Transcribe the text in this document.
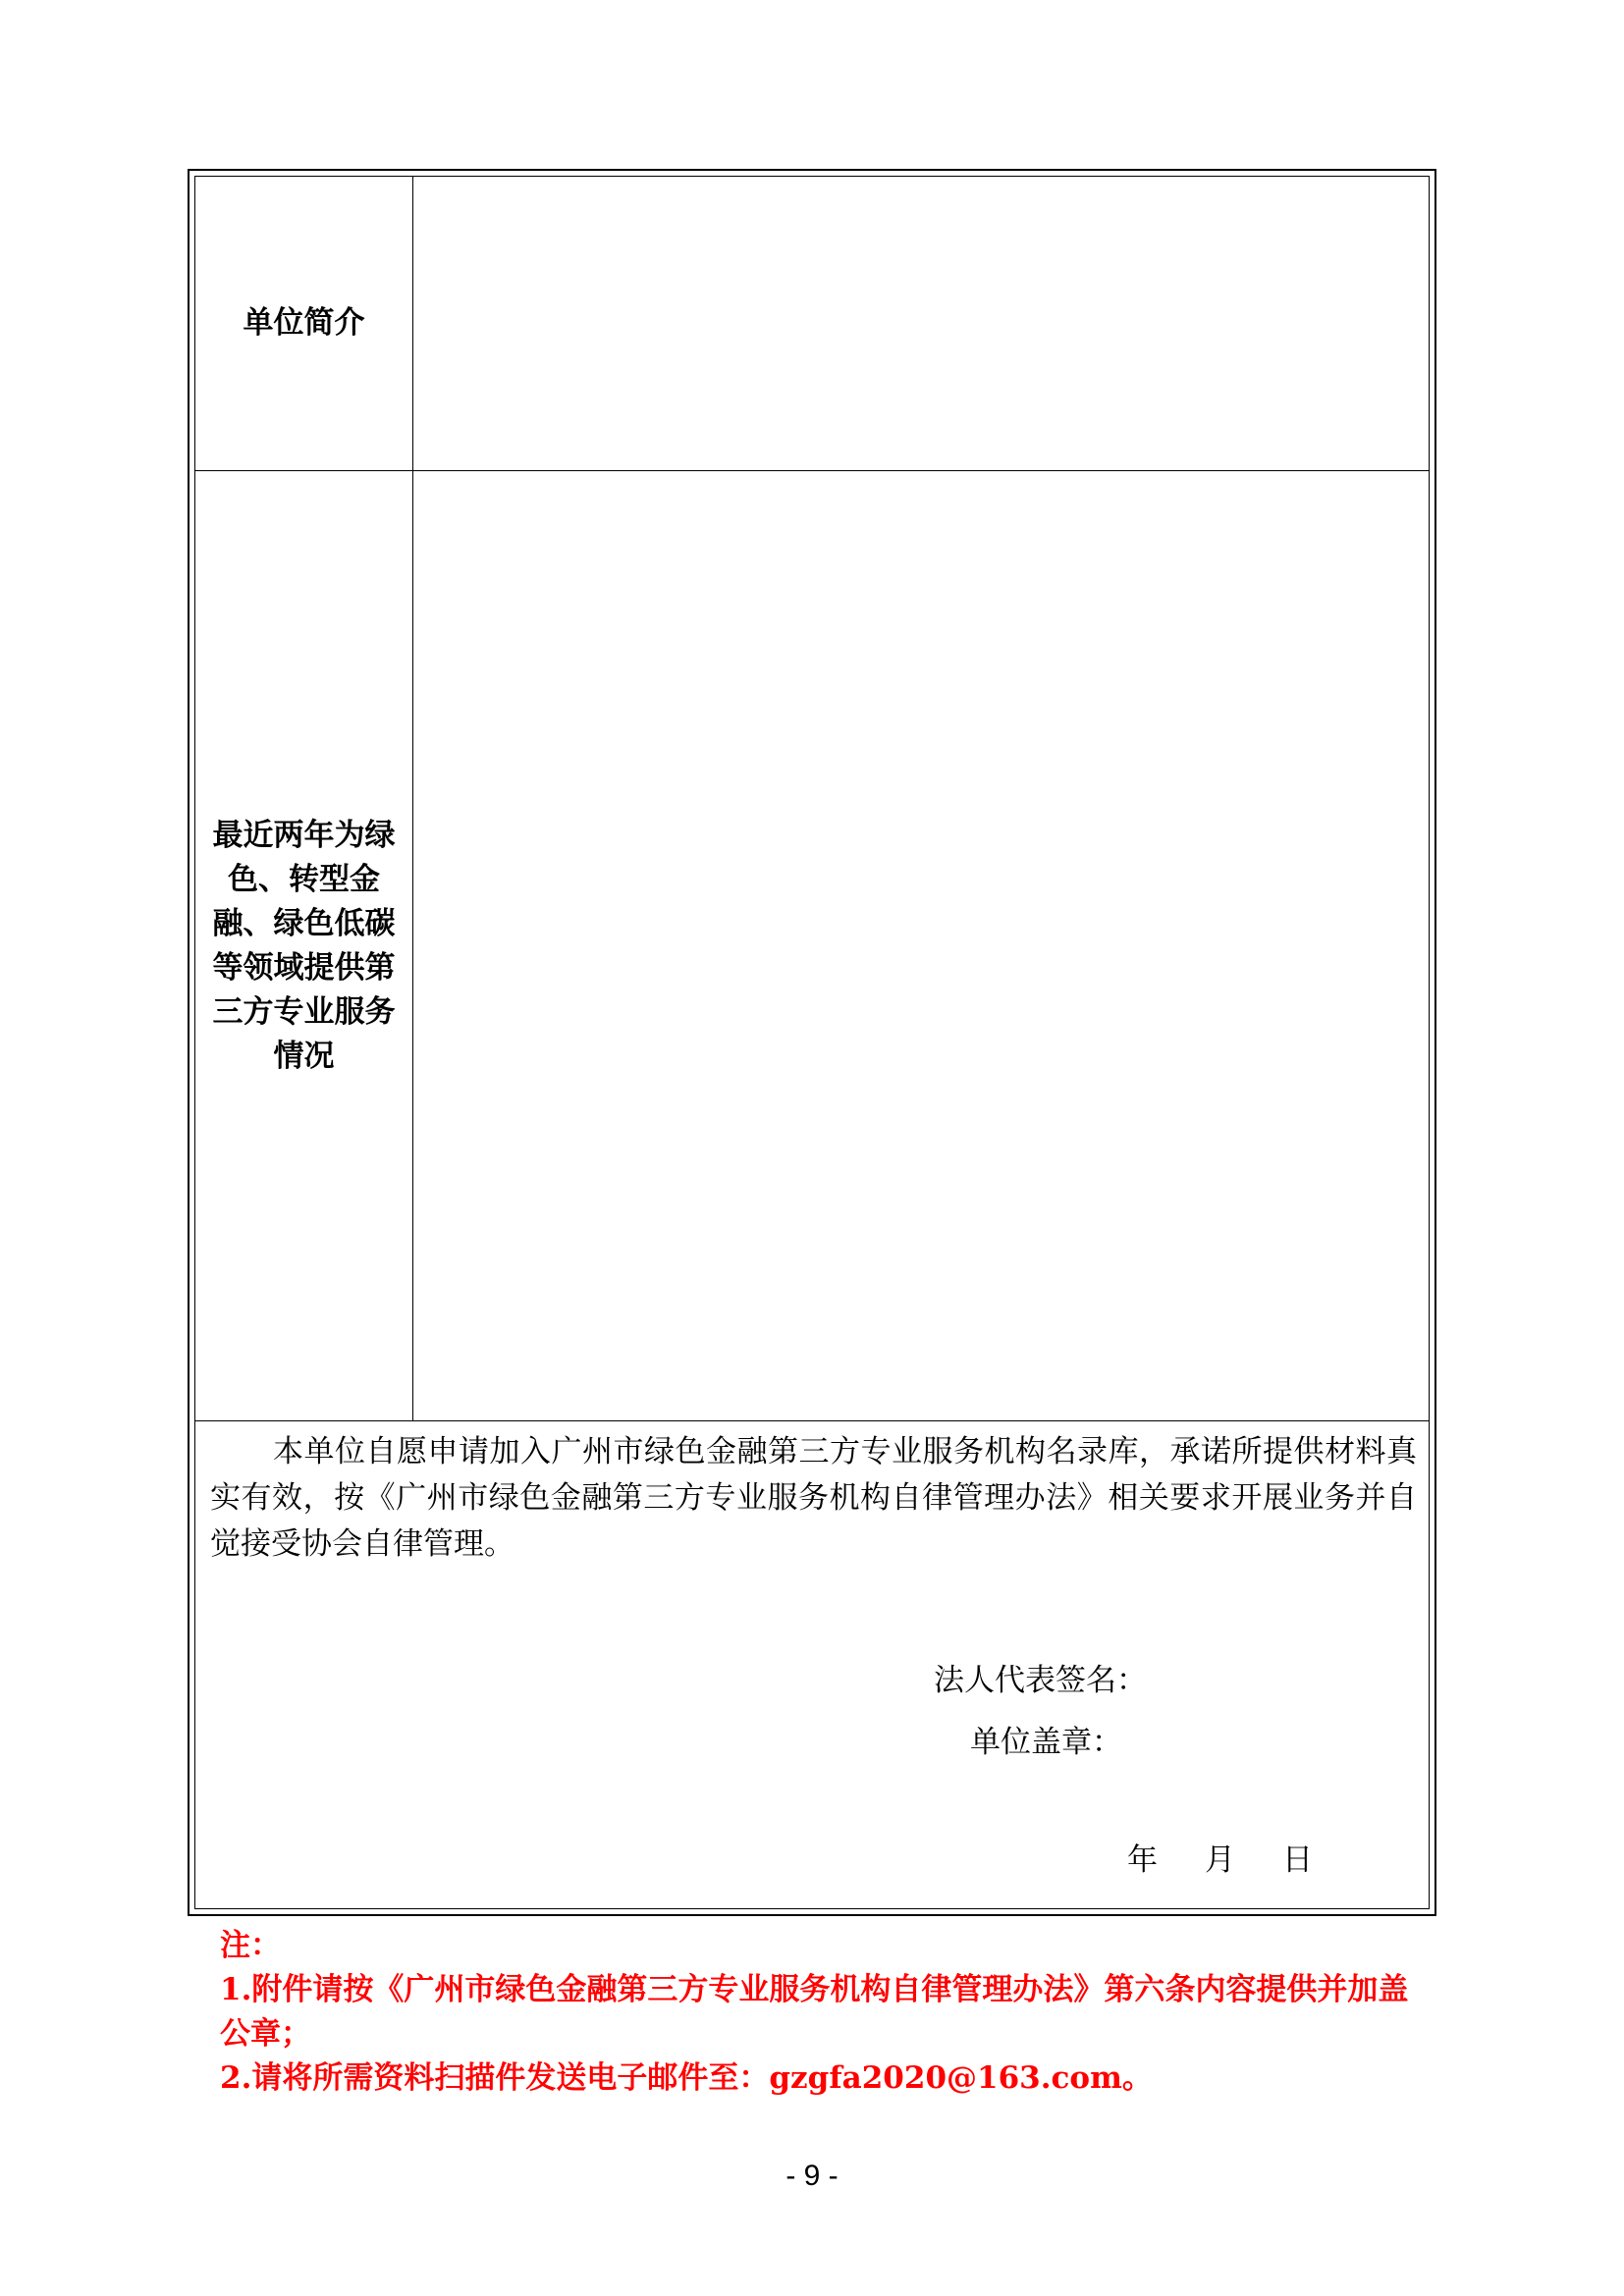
单位简介
最近两年为绿色、转型金融、绿色低碳等领域提供第三方专业服务情况

本单位自愿申请加入广州市绿色金融第三方专业服务机构名录库，承诺所提供材料真实有效，按《广州市绿色金融第三方专业服务机构自律管理办法》相关要求开展业务并自觉接受协会自律管理。

法人代表签名：
单位盖章：
年 月 日

注：

1.附件请按《广州市绿色金融第三方专业服务机构自律管理办法》第六条内容提供并加盖公章；

2.请将所需资料扫描件发送电子邮件至：gzgfa2020@163.com。

- 9 -
